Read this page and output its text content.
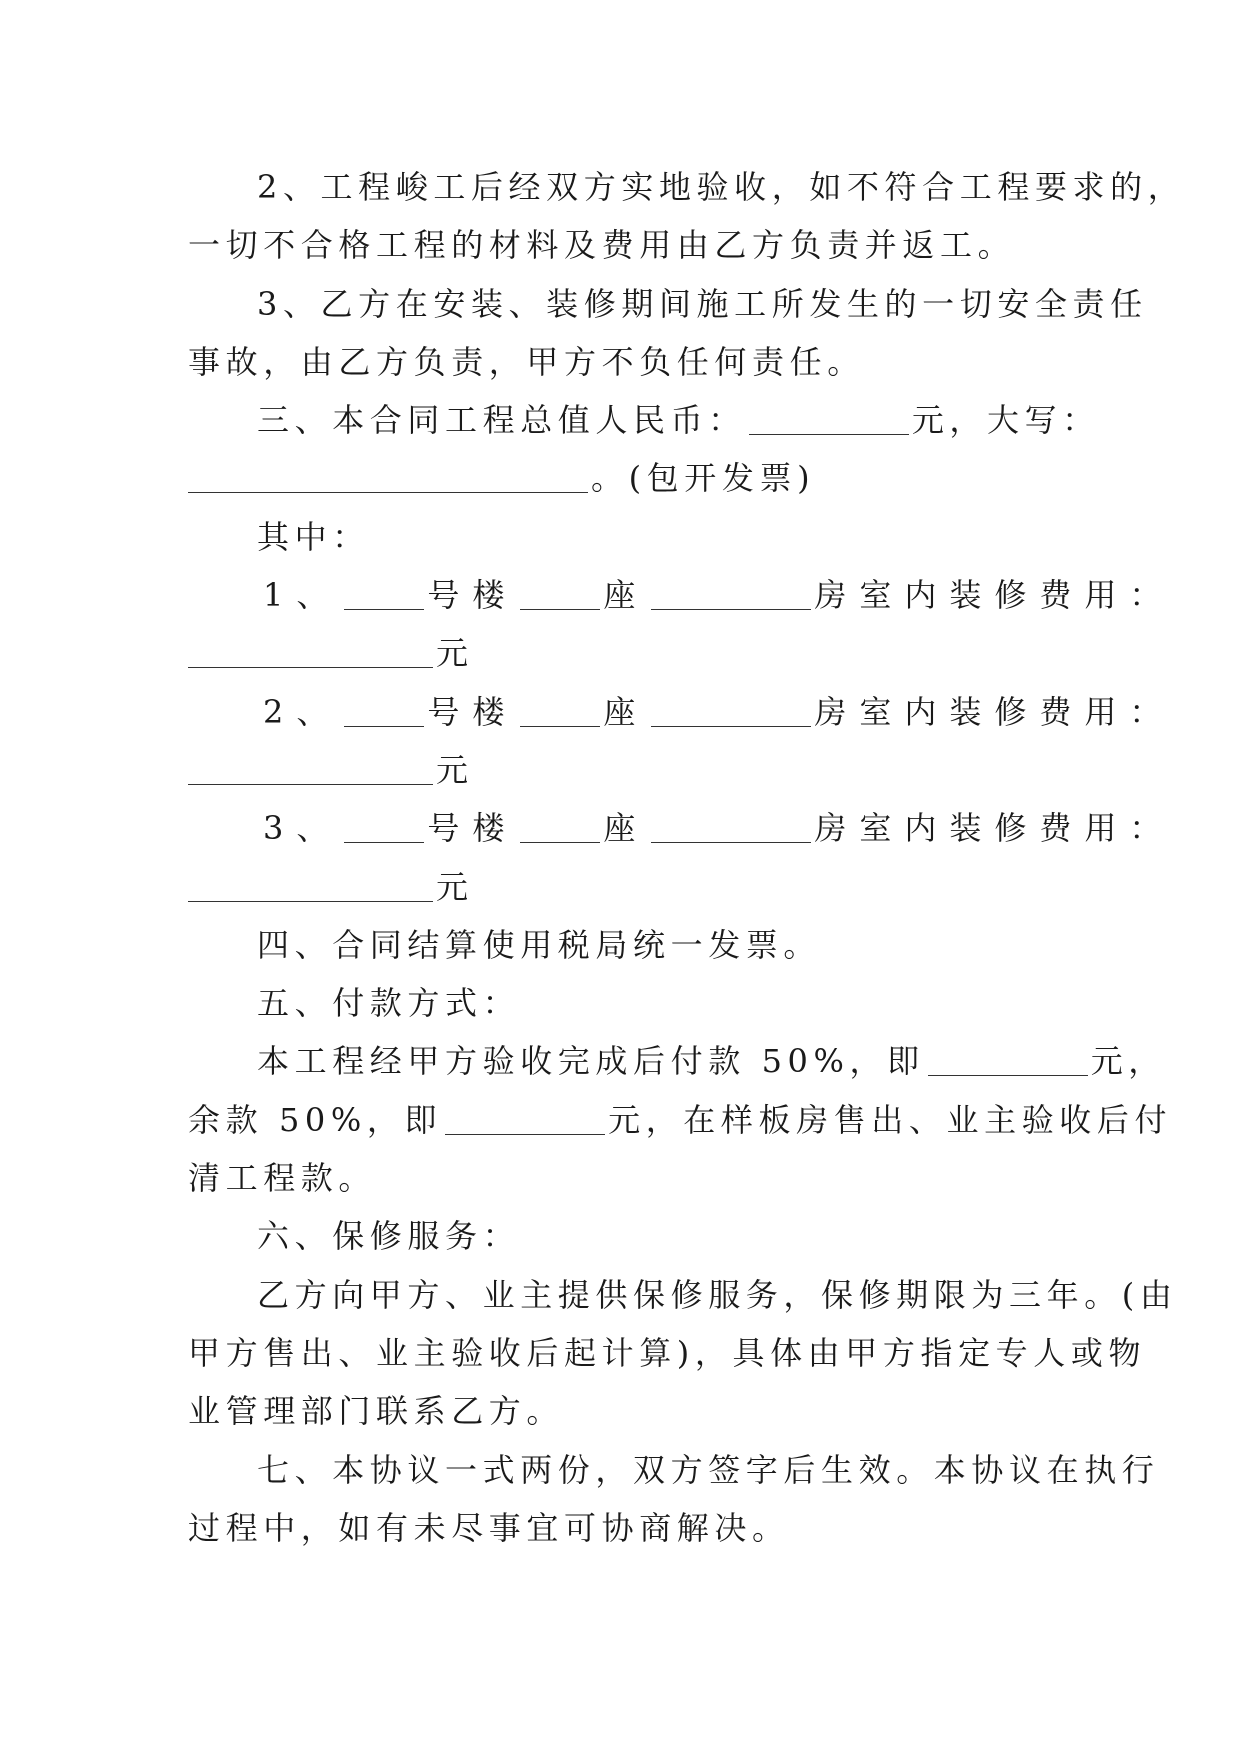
2、工程峻工后经双方实地验收，如不符合工程要求的，
一切不合格工程的材料及费用由乙方负责并返工。
3、乙方在安装、装修期间施工所发生的一切安全责任
事故，由乙方负责，甲方不负任何责任。
三、本合同工程总值人民币：	元，大写：
。(包开发票)
其中：
1、	号楼	座	房室内装修费用：
元
2、	号楼	座	房室内装修费用：
元
3、	号楼	座	房室内装修费用：
元
四、合同结算使用税局统一发票。
五、付款方式：
本工程经甲方验收完成后付款 50%，即	元，
余款 50%，即	元，在样板房售出、业主验收后付
清工程款。
六、保修服务：
乙方向甲方、业主提供保修服务，保修期限为三年。(由
甲方售出、业主验收后起计算)，具体由甲方指定专人或物
业管理部门联系乙方。
七、本协议一式两份，双方签字后生效。本协议在执行
过程中，如有未尽事宜可协商解决。
